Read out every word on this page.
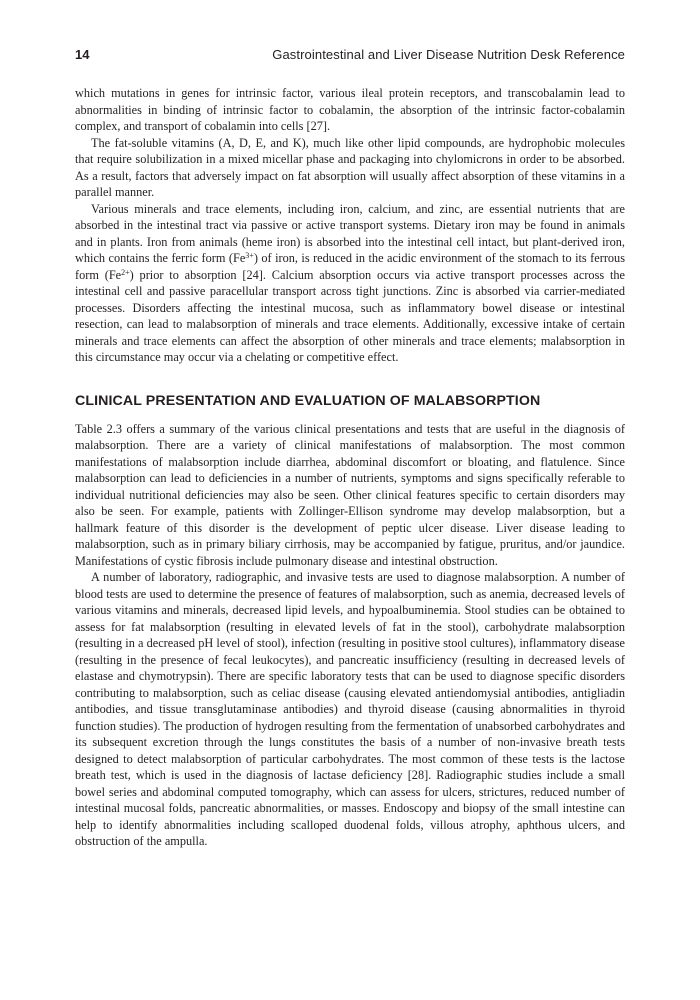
14	Gastrointestinal and Liver Disease Nutrition Desk Reference

which mutations in genes for intrinsic factor, various ileal protein receptors, and transcobalamin lead to abnormalities in binding of intrinsic factor to cobalamin, the absorption of the intrinsic factor-cobalamin complex, and transport of cobalamin into cells [27].

The fat-soluble vitamins (A, D, E, and K), much like other lipid compounds, are hydrophobic molecules that require solubilization in a mixed micellar phase and packaging into chylomicrons in order to be absorbed. As a result, factors that adversely impact on fat absorption will usually affect absorption of these vitamins in a parallel manner.

Various minerals and trace elements, including iron, calcium, and zinc, are essential nutrients that are absorbed in the intestinal tract via passive or active transport systems. Dietary iron may be found in animals and in plants. Iron from animals (heme iron) is absorbed into the intestinal cell intact, but plant-derived iron, which contains the ferric form $(Fe^{3+})$ of iron, is reduced in the acidic environment of the stomach to its ferrous form $(Fe^{2+})$ prior to absorption [24]. Calcium absorption occurs via active transport processes across the intestinal cell and passive paracellular transport across tight junctions. Zinc is absorbed via carrier-mediated processes. Disorders affecting the intestinal mucosa, such as inflammatory bowel disease or intestinal resection, can lead to malabsorption of minerals and trace elements. Additionally, excessive intake of certain minerals and trace elements can affect the absorption of other minerals and trace elements; malabsorption in this circumstance may occur via a chelating or competitive effect.

CLINICAL PRESENTATION AND EVALUATION OF MALABSORPTION

Table 2.3 offers a summary of the various clinical presentations and tests that are useful in the diagnosis of malabsorption. There are a variety of clinical manifestations of malabsorption. The most common manifestations of malabsorption include diarrhea, abdominal discomfort or bloating, and flatulence. Since malabsorption can lead to deficiencies in a number of nutrients, symptoms and signs specifically referable to individual nutritional deficiencies may also be seen. Other clinical features specific to certain disorders may also be seen. For example, patients with Zollinger-Ellison syndrome may develop malabsorption, but a hallmark feature of this disorder is the development of peptic ulcer disease. Liver disease leading to malabsorption, such as in primary biliary cirrhosis, may be accompanied by fatigue, pruritus, and/or jaundice. Manifestations of cystic fibrosis include pulmonary disease and intestinal obstruction.

A number of laboratory, radiographic, and invasive tests are used to diagnose malabsorption. A number of blood tests are used to determine the presence of features of malabsorption, such as anemia, decreased levels of various vitamins and minerals, decreased lipid levels, and hypoalbuminemia. Stool studies can be obtained to assess for fat malabsorption (resulting in elevated levels of fat in the stool), carbohydrate malabsorption (resulting in a decreased pH level of stool), infection (resulting in positive stool cultures), inflammatory disease (resulting in the presence of fecal leukocytes), and pancreatic insufficiency (resulting in decreased levels of elastase and chymotrypsin). There are specific laboratory tests that can be used to diagnose specific disorders contributing to malabsorption, such as celiac disease (causing elevated antiendomysial antibodies, antigliadin antibodies, and tissue transglutaminase antibodies) and thyroid disease (causing abnormalities in thyroid function studies). The production of hydrogen resulting from the fermentation of unabsorbed carbohydrates and its subsequent excretion through the lungs constitutes the basis of a number of non-invasive breath tests designed to detect malabsorption of particular carbohydrates. The most common of these tests is the lactose breath test, which is used in the diagnosis of lactase deficiency [28]. Radiographic studies include a small bowel series and abdominal computed tomography, which can assess for ulcers, strictures, reduced number of intestinal mucosal folds, pancreatic abnormalities, or masses. Endoscopy and biopsy of the small intestine can help to identify abnormalities including scalloped duodenal folds, villous atrophy, aphthous ulcers, and obstruction of the ampulla.
